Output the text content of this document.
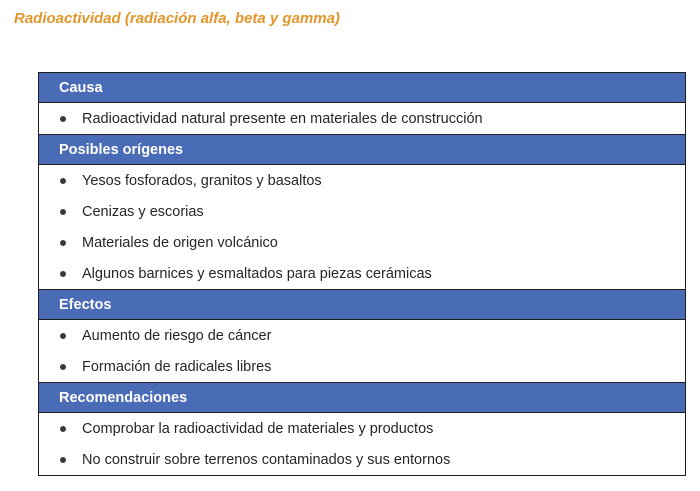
Radioactividad (radiación alfa, beta y gamma)
Causa
Radioactividad natural presente en materiales de construcción
Posibles orígenes
Yesos fosforados, granitos y basaltos
Cenizas y escorias
Materiales de origen volcánico
Algunos barnices y esmaltados para piezas cerámicas
Efectos
Aumento de riesgo de cáncer
Formación de radicales libres
Recomendaciones
Comprobar la radioactividad de materiales y productos
No construir sobre terrenos contaminados y sus entornos
